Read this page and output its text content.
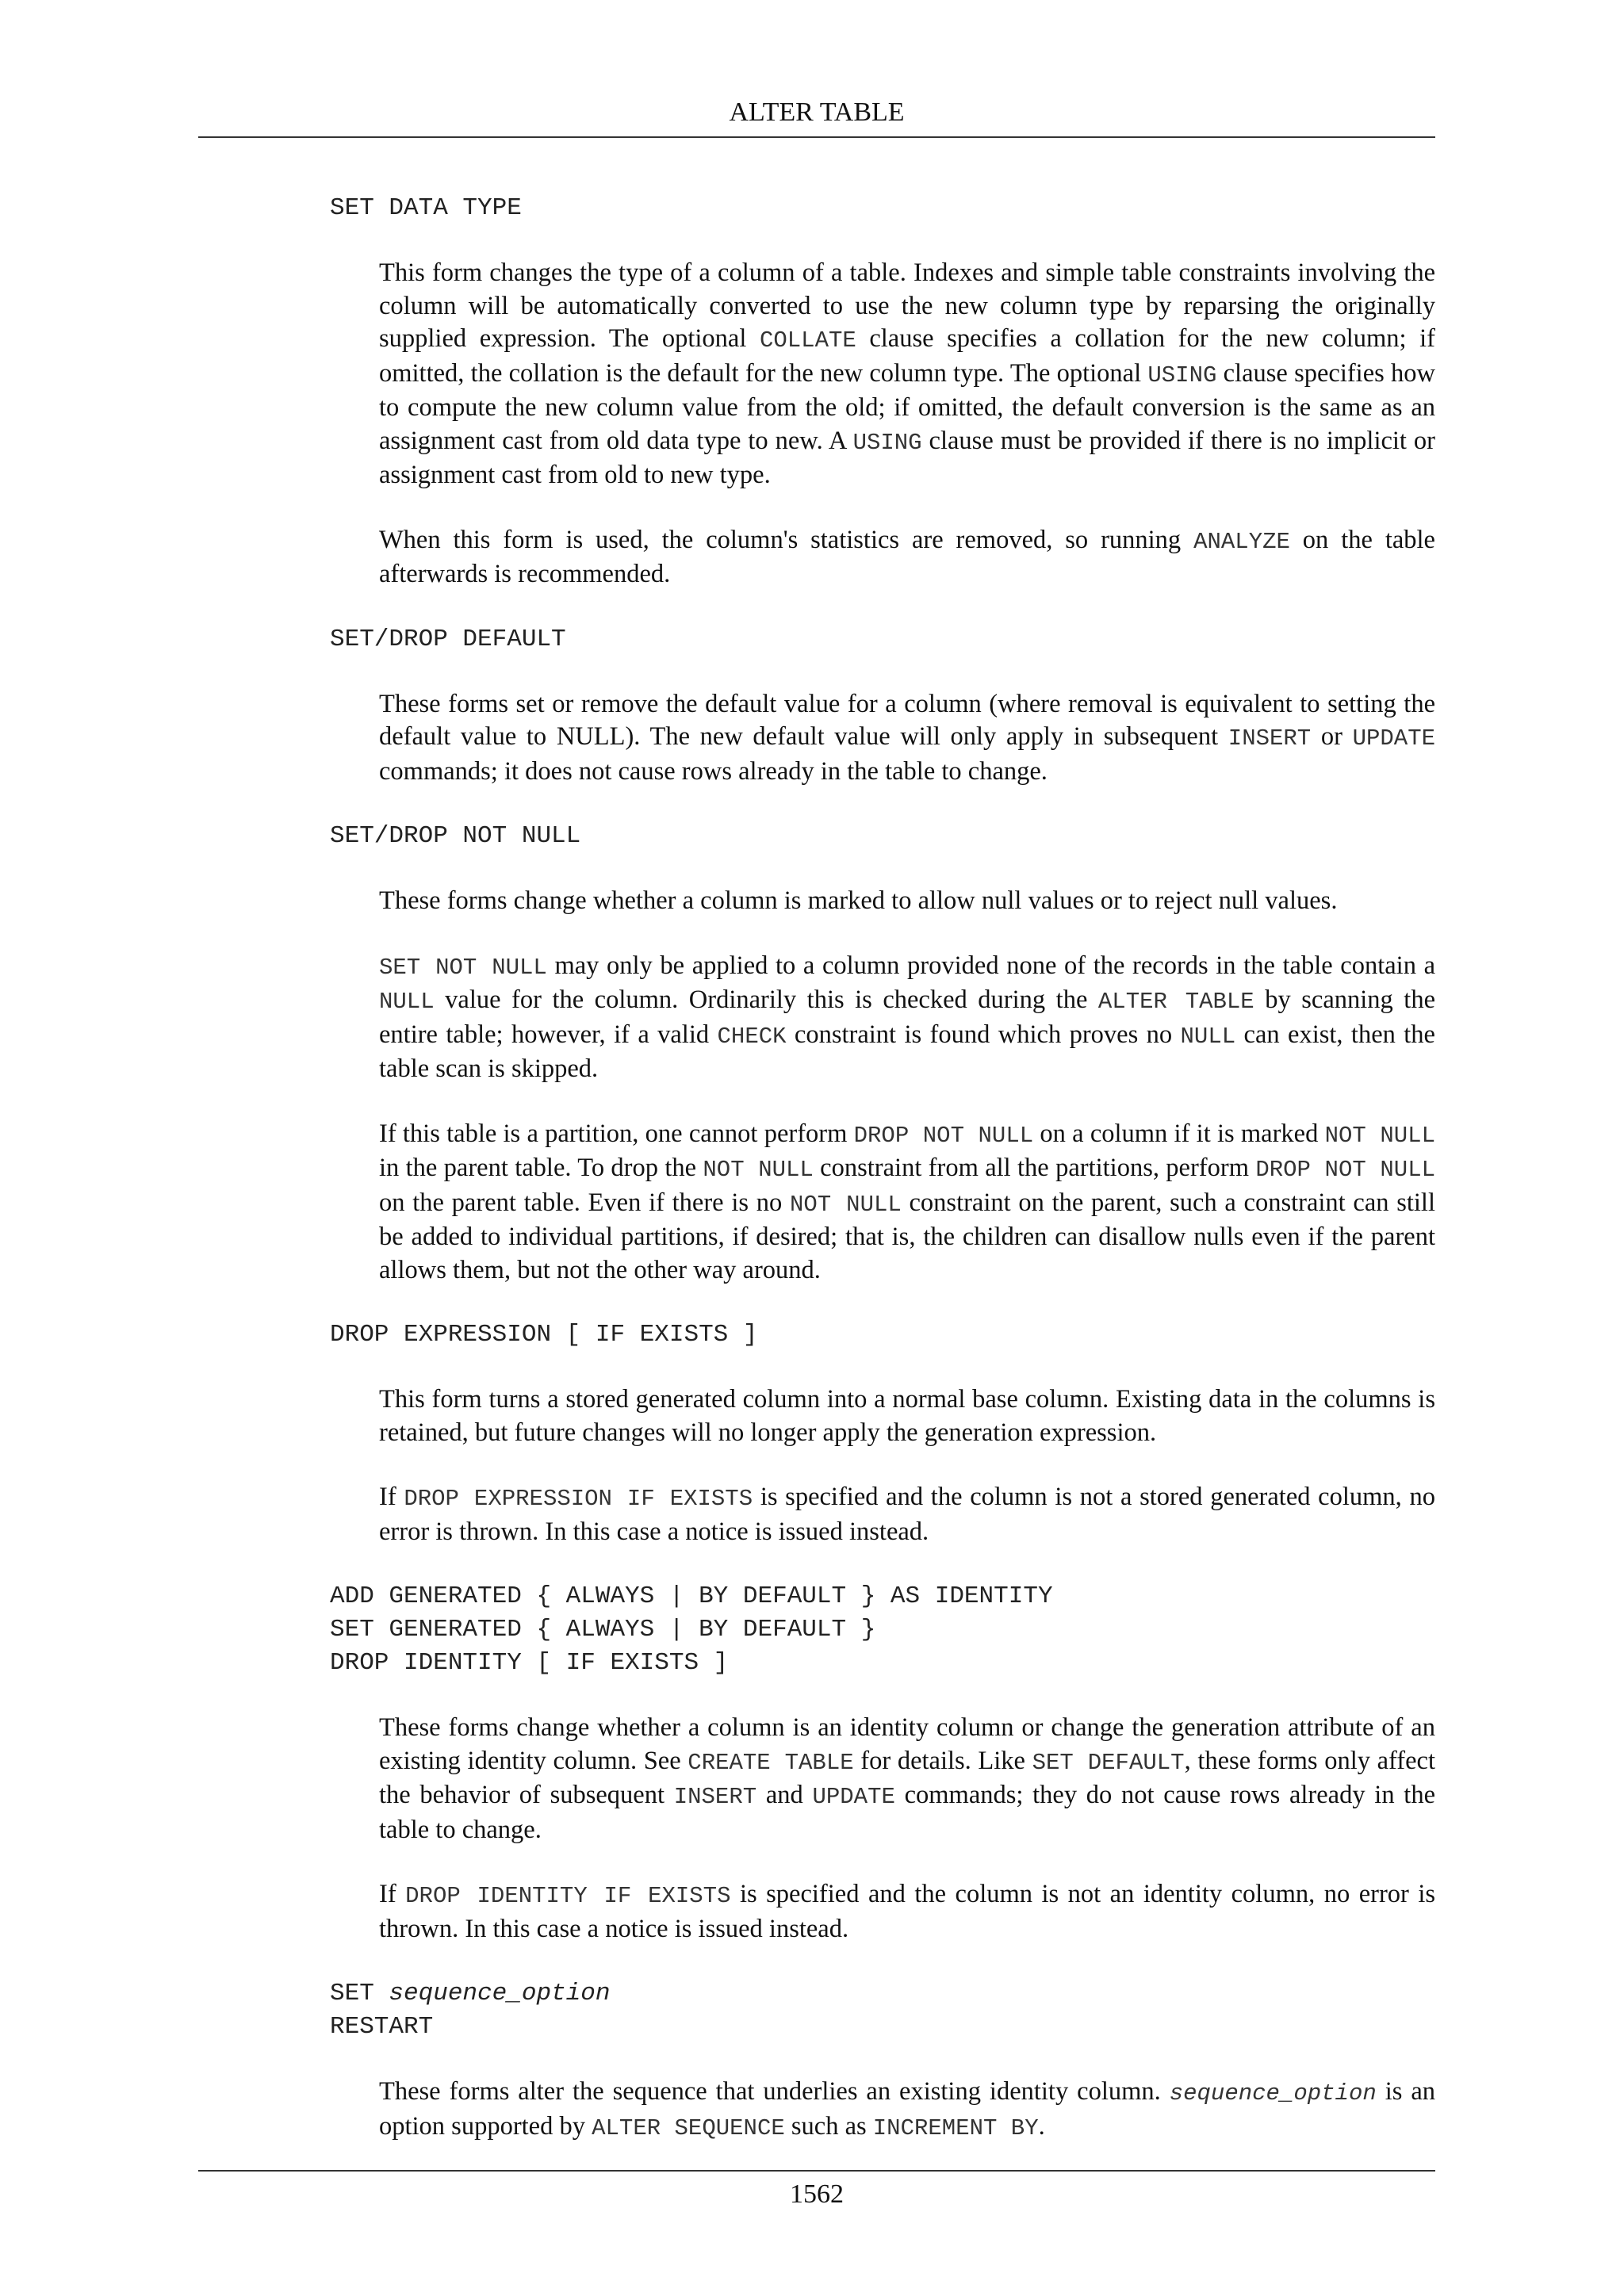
ALTER TABLE

SET DATA TYPE

This form changes the type of a column of a table. Indexes and simple table constraints involving the column will be automatically converted to use the new column type by reparsing the originally supplied expression. The optional COLLATE clause specifies a collation for the new column; if omitted, the collation is the default for the new column type. The optional USING clause specifies how to compute the new column value from the old; if omitted, the default conversion is the same as an assignment cast from old data type to new. A USING clause must be provided if there is no implicit or assignment cast from old to new type.

When this form is used, the column's statistics are removed, so running ANALYZE on the table afterwards is recommended.

SET/DROP DEFAULT

These forms set or remove the default value for a column (where removal is equivalent to setting the default value to NULL). The new default value will only apply in subsequent INSERT or UPDATE commands; it does not cause rows already in the table to change.

SET/DROP NOT NULL

These forms change whether a column is marked to allow null values or to reject null values.

SET NOT NULL may only be applied to a column provided none of the records in the table contain a NULL value for the column. Ordinarily this is checked during the ALTER TABLE by scanning the entire table; however, if a valid CHECK constraint is found which proves no NULL can exist, then the table scan is skipped.

If this table is a partition, one cannot perform DROP NOT NULL on a column if it is marked NOT NULL in the parent table. To drop the NOT NULL constraint from all the partitions, perform DROP NOT NULL on the parent table. Even if there is no NOT NULL constraint on the parent, such a constraint can still be added to individual partitions, if desired; that is, the children can disallow nulls even if the parent allows them, but not the other way around.

DROP EXPRESSION [ IF EXISTS ]

This form turns a stored generated column into a normal base column. Existing data in the columns is retained, but future changes will no longer apply the generation expression.

If DROP EXPRESSION IF EXISTS is specified and the column is not a stored generated column, no error is thrown. In this case a notice is issued instead.

ADD GENERATED { ALWAYS | BY DEFAULT } AS IDENTITY

SET GENERATED { ALWAYS | BY DEFAULT }

DROP IDENTITY [ IF EXISTS ]

These forms change whether a column is an identity column or change the generation attribute of an existing identity column. See CREATE TABLE for details. Like SET DEFAULT, these forms only affect the behavior of subsequent INSERT and UPDATE commands; they do not cause rows already in the table to change.

If DROP IDENTITY IF EXISTS is specified and the column is not an identity column, no error is thrown. In this case a notice is issued instead.

SET sequence_option

RESTART

These forms alter the sequence that underlies an existing identity column. sequence_option is an option supported by ALTER SEQUENCE such as INCREMENT BY.

1562
